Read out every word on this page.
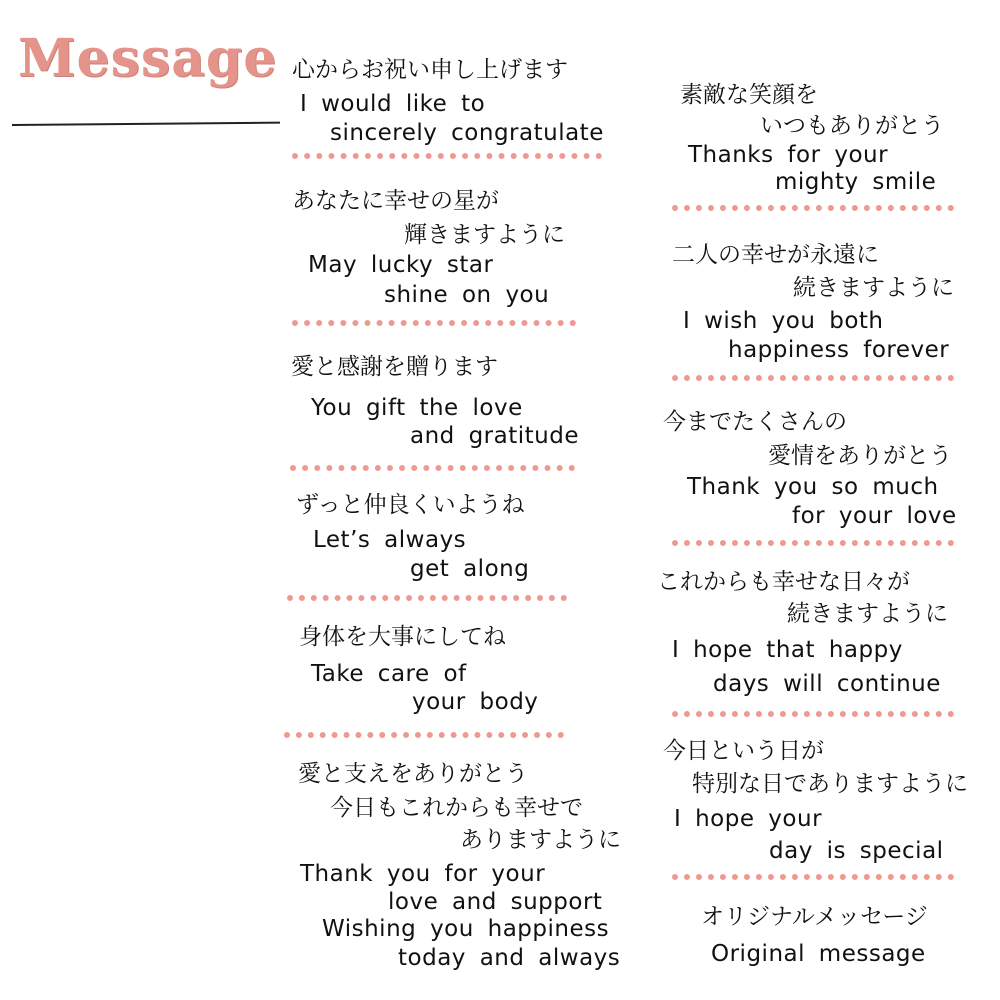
Message 心からお祝い申し上げます
I would like to
sincerely congratulate
あなたに幸せの星が
輝きますように
May lucky star
shine on you
愛と感謝を贈ります
You gift the love
and gratitude
ずっと仲良くいようね
Let’s always
get along
身体を大事にしてね
Take care of
your body
愛と支えをありがとう
今日もこれからも幸せで
ありますように
Thank you for your
love and support
Wishing you happiness
today and always
素敵な笑顔を
いつもありがとう
Thanks for your
mighty smile
二人の幸せが永遠に
続きますように
I wish you both
happiness forever
今までたくさんの
愛情をありがとう
Thank you so much
for your love
これからも幸せな日々が
続きますように
I hope that happy
days will continue
今日という日が
特別な日でありますように
I hope your
day is special
オリジナルメッセージ
Original message
